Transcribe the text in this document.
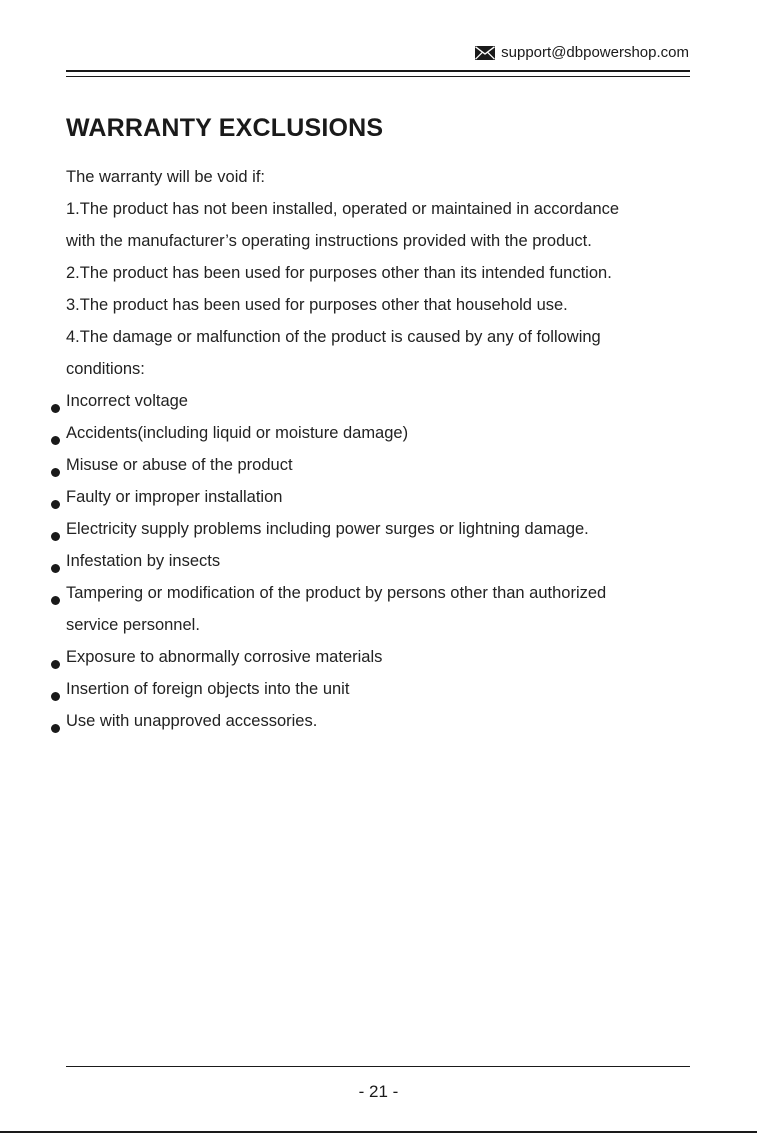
support@dbpowershop.com
WARRANTY EXCLUSIONS
The warranty will be void if:
1.The product has not been installed, operated or maintained in accordance
with the manufacturer’s operating instructions provided with the product.
2.The product has been used for purposes other than its intended function.
3.The product has been used for purposes other that household use.
4.The damage or malfunction of the product is caused by any of following
conditions:
Incorrect voltage
Accidents(including liquid or moisture damage)
Misuse or abuse of the product
Faulty or improper installation
Electricity supply problems including power surges or lightning damage.
Infestation by insects
Tampering or modification of the product by persons other than authorized
service personnel.
Exposure to abnormally corrosive materials
Insertion of foreign objects into the unit
Use with unapproved accessories.
- 21 -
